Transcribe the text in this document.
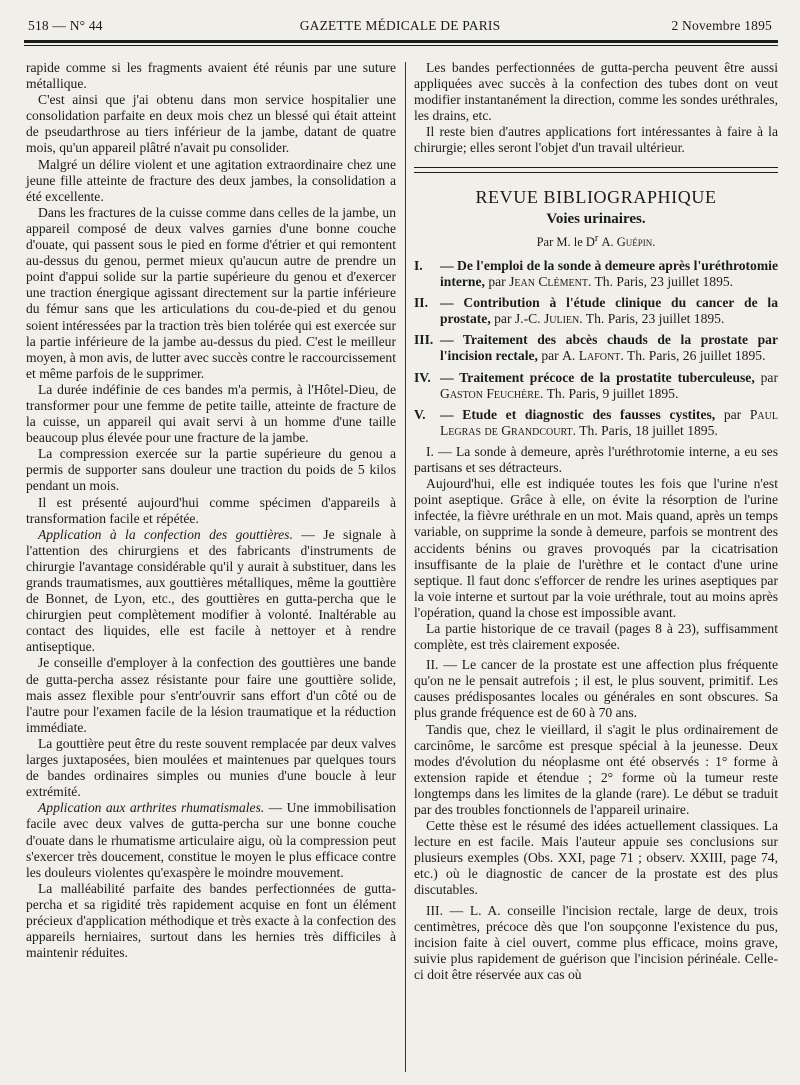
518 — N° 44	GAZETTE MÉDICALE DE PARIS	2 Novembre 1895

rapide comme si les fragments avaient été réunis par une suture métallique.

C'est ainsi que j'ai obtenu dans mon service hospitalier une consolidation parfaite en deux mois chez un blessé qui était atteint de pseudarthrose au tiers inférieur de la jambe, datant de quatre mois, qu'un appareil plâtré n'avait pu consolider.

Malgré un délire violent et une agitation extraordinaire chez une jeune fille atteinte de fracture des deux jambes, la consolidation a été excellente.

Dans les fractures de la cuisse comme dans celles de la jambe, un appareil composé de deux valves garnies d'une bonne couche d'ouate, qui passent sous le pied en forme d'étrier et qui remontent au-dessus du genou, permet mieux qu'aucun autre de prendre un point d'appui solide sur la partie supérieure du genou et d'exercer une traction énergique agissant directement sur la partie inférieure du fémur sans que les articulations du cou-de-pied et du genou soient intéressées par la traction très bien tolérée qui est exercée sur la partie inférieure de la jambe au-dessus du pied. C'est le meilleur moyen, à mon avis, de lutter avec succès contre le raccourcissement et même parfois de le supprimer.

La durée indéfinie de ces bandes m'a permis, à l'Hôtel-Dieu, de transformer pour une femme de petite taille, atteinte de fracture de la cuisse, un appareil qui avait servi à un homme d'une taille beaucoup plus élevée pour une fracture de la jambe.

La compression exercée sur la partie supérieure du genou a permis de supporter sans douleur une traction du poids de 5 kilos pendant un mois.

Il est présenté aujourd'hui comme spécimen d'appareils à transformation facile et répétée.

Application à la confection des gouttières. — Je signale à l'attention des chirurgiens et des fabricants d'instruments de chirurgie l'avantage considérable qu'il y aurait à substituer, dans les grands traumatismes, aux gouttières métalliques, même la gouttière de Bonnet, de Lyon, etc., des gouttières en gutta-percha que le chirurgien peut complètement modifier à volonté. Inaltérable au contact des liquides, elle est facile à nettoyer et à rendre antiseptique.

Je conseille d'employer à la confection des gouttières une bande de gutta-percha assez résistante pour faire une gouttière solide, mais assez flexible pour s'entr'ouvrir sans effort d'un côté ou de l'autre pour l'examen facile de la lésion traumatique et la réduction immédiate.

La gouttière peut être du reste souvent remplacée par deux valves larges juxtaposées, bien moulées et maintenues par quelques tours de bandes ordinaires simples ou munies d'une boucle à leur extrémité.

Application aux arthrites rhumatismales. — Une immobilisation facile avec deux valves de gutta-percha sur une bonne couche d'ouate dans le rhumatisme articulaire aigu, où la compression peut s'exercer très doucement, constitue le moyen le plus efficace contre les douleurs violentes qu'exaspère le moindre mouvement.

La malléabilité parfaite des bandes perfectionnées de gutta-percha et sa rigidité très rapidement acquise en font un élément précieux d'application méthodique et très exacte à la confection des appareils herniaires, surtout dans les hernies très difficiles à maintenir réduites.

Les bandes perfectionnées de gutta-percha peuvent être aussi appliquées avec succès à la confection des tubes dont on veut modifier instantanément la direction, comme les sondes uréthrales, les drains, etc.

Il reste bien d'autres applications fort intéressantes à faire à la chirurgie; elles seront l'objet d'un travail ultérieur.

REVUE BIBLIOGRAPHIQUE
Voies urinaires.
Par M. le $D^r$ A. Guépin.
I.	— De l'emploi de la sonde à demeure après l'uréthrotomie interne, par Jean Clément. Th. Paris, 23 juillet 1895.
II. — Contribution à l'étude clinique du cancer de la prostate, par J.-C. Julien. Th. Paris, 23 juillet 1895.
III. — Traitement des abcès chauds de la prostate par l'incision rectale, par A. Lafont. Th. Paris, 26 juillet 1895.
IV. — Traitement précoce de la prostatite tuberculeuse, par Gaston Feuchère. Th. Paris, 9 juillet 1895.
V.	— Etude et diagnostic des fausses cystites, par Paul Legras de Grandcourt. Th. Paris, 18 juillet 1895.

I. — La sonde à demeure, après l'uréthrotomie interne, a eu ses partisans et ses détracteurs.

Aujourd'hui, elle est indiquée toutes les fois que l'urine n'est point aseptique. Grâce à elle, on évite la résorption de l'urine infectée, la fièvre uréthrale en un mot. Mais quand, après un temps variable, on supprime la sonde à demeure, parfois se montrent des accidents bénins ou graves provoqués par la cicatrisation insuffisante de la plaie de l'urèthre et le contact d'une urine septique. Il faut donc s'efforcer de rendre les urines aseptiques par la voie interne et surtout par la voie uréthrale, tout au moins après l'opération, quand la chose est impossible avant.

La partie historique de ce travail (pages 8 à 23), suffisamment complète, est très clairement exposée.

II. — Le cancer de la prostate est une affection plus fréquente qu'on ne le pensait autrefois ; il est, le plus souvent, primitif. Les causes prédisposantes locales ou générales en sont obscures. Sa plus grande fréquence est de 60 à 70 ans.

Tandis que, chez le vieillard, il s'agit le plus ordinairement de carcinôme, le sarcôme est presque spécial à la jeunesse. Deux modes d'évolution du néoplasme ont été observés : 1° forme à extension rapide et étendue ; 2° forme où la tumeur reste longtemps dans les limites de la glande (rare). Le début se traduit par des troubles fonctionnels de l'appareil urinaire.

Cette thèse est le résumé des idées actuellement classiques. La lecture en est facile. Mais l'auteur appuie ses conclusions sur plusieurs exemples (Obs. XXI, page 71 ; observ. XXIII, page 74, etc.) où le diagnostic de cancer de la prostate est des plus discutables.

III. — L. A. conseille l'incision rectale, large de deux, trois centimètres, précoce dès que l'on soupçonne l'existence du pus, incision faite à ciel ouvert, comme plus efficace, moins grave, suivie plus rapidement de guérison que l'incision périnéale. Celle-ci doit être réservée aux cas où
